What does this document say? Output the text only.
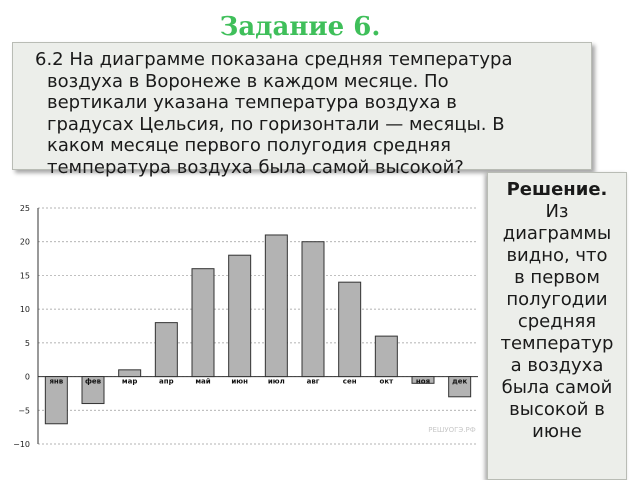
Задание 6.
6.2 На диаграмме показана средняя температура
воздуха в Воронеже в каждом месяце. По
вертикали указана температура воздуха в
градусах Цельсия, по горизонтали — месяцы. В
каком месяце первого полугодия средняя
температура воздуха была самой высокой?
−10
−5
0
5
10
15
20
25
янв	фев	мар	апр	май	июн	июл	авг	сен	окт	ноя	дек
РЕШУОГЭ.РФ
Решение.
Из
диаграммы
видно, что
в первом
полугодии
средняя
температур
а воздуха
была самой
высокой в
июне
